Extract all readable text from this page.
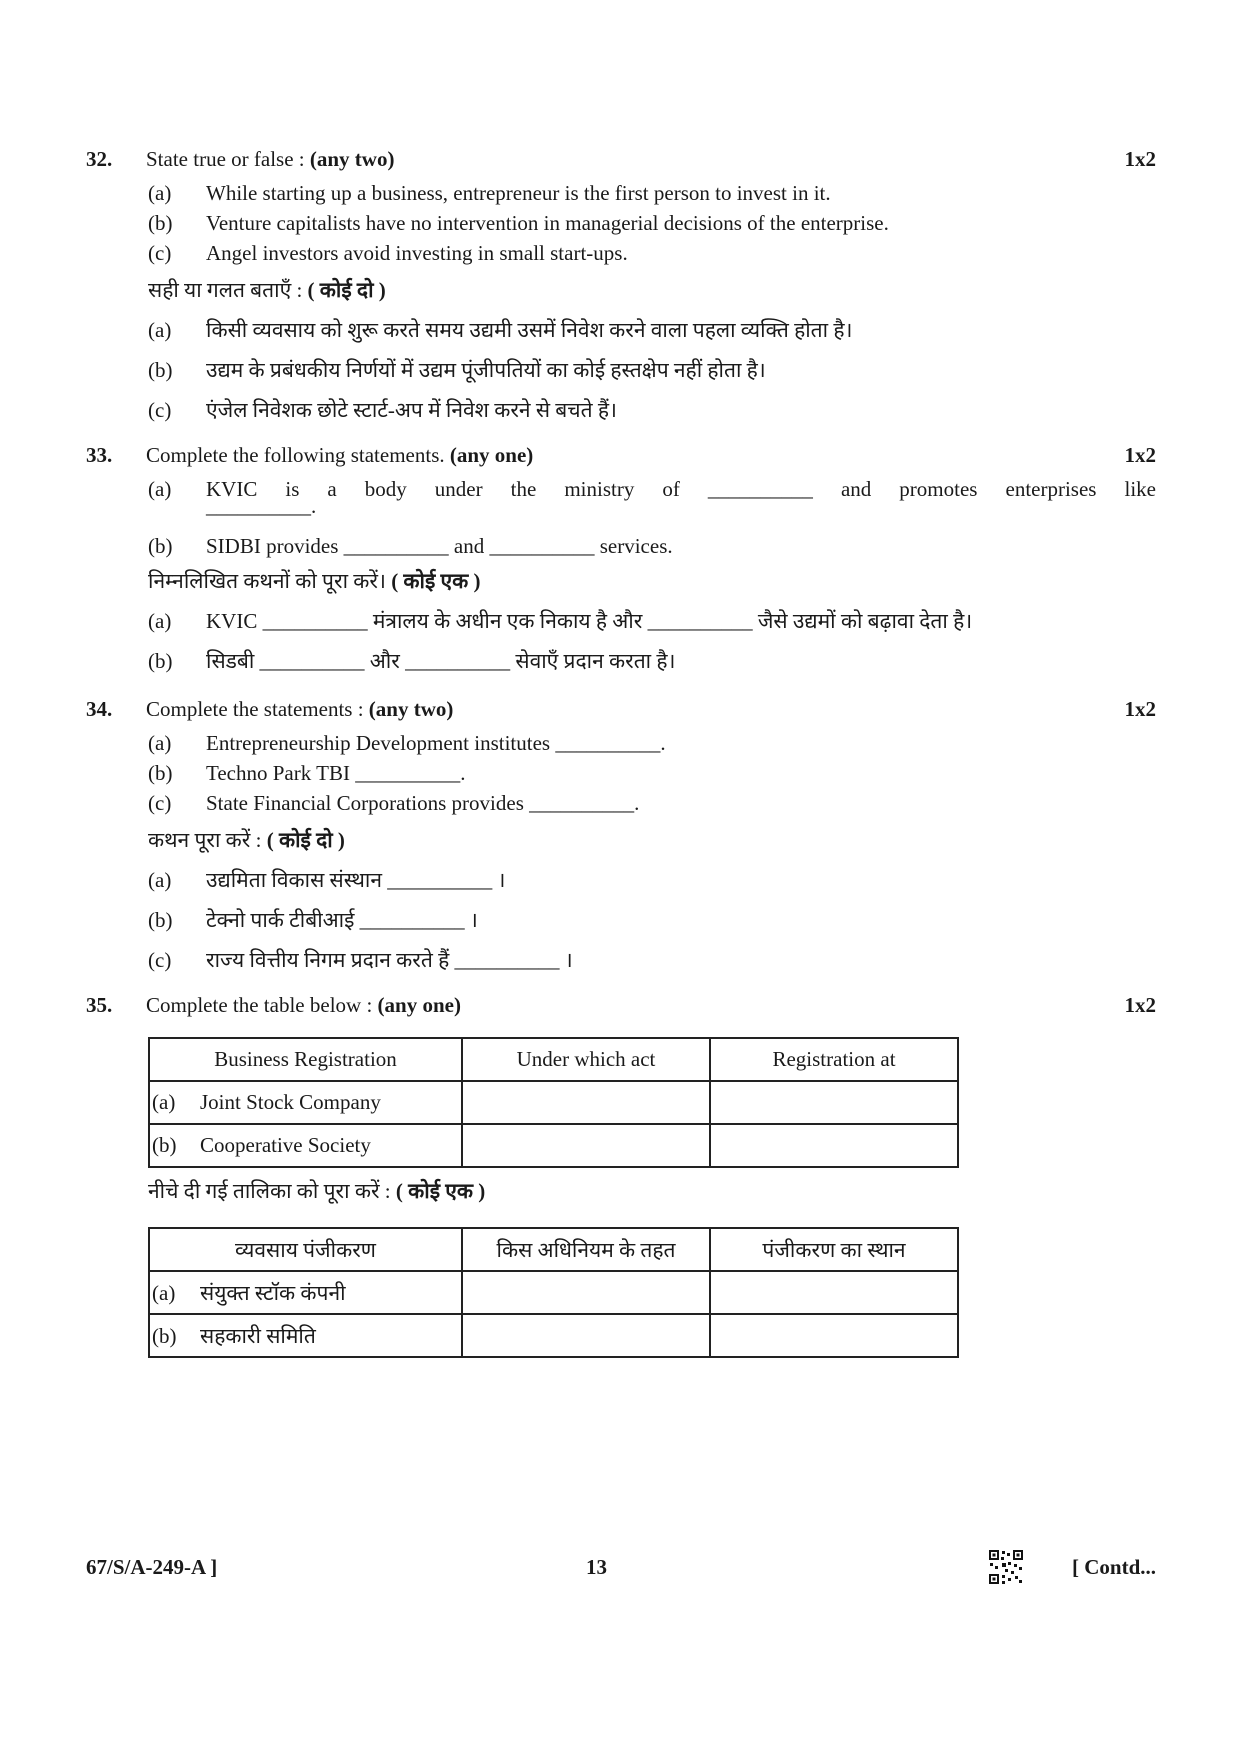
32. State true or false : (any two)	1x2
(a) While starting up a business, entrepreneur is the first person to invest in it.
(b) Venture capitalists have no intervention in managerial decisions of the enterprise.
(c) Angel investors avoid investing in small start-ups.
सही या गलत बताएँ : ( कोई दो )
(a) किसी व्यवसाय को शुरू करते समय उद्यमी उसमें निवेश करने वाला पहला व्यक्ति होता है।
(b) उद्यम के प्रबंधकीय निर्णयों में उद्यम पूंजीपतियों का कोई हस्तक्षेप नहीं होता है।
(c) एंजेल निवेशक छोटे स्टार्ट-अप में निवेश करने से बचते हैं।
33. Complete the following statements. (any one)	1x2
(a) KVIC is a body under the ministry of __________ and promotes enterprises like
__________.
(b) SIDBI provides __________ and __________ services.
निम्नलिखित कथनों को पूरा करें। ( कोई एक )
(a) KVIC __________ मंत्रालय के अधीन एक निकाय है और __________ जैसे उद्यमों को बढ़ावा देता है।
(b) सिडबी __________ और __________ सेवाएँ प्रदान करता है।
34. Complete the statements : (any two)	1x2
(a) Entrepreneurship Development institutes __________.
(b) Techno Park TBI __________.
(c) State Financial Corporations provides __________.
कथन पूरा करें : ( कोई दो )
(a) उद्यमिता विकास संस्थान __________ ।
(b) टेक्नो पार्क टीबीआई __________ ।
(c) राज्य वित्तीय निगम प्रदान करते हैं __________ ।
35. Complete the table below : (any one)	1x2
Business Registration	Under which act	Registration at
(a) Joint Stock Company		
(b) Cooperative Society		
नीचे दी गई तालिका को पूरा करें : ( कोई एक )
व्यवसाय पंजीकरण	किस अधिनियम के तहत	पंजीकरण का स्थान
(a) संयुक्त स्टॉक कंपनी		
(b) सहकारी समिति		
67/S/A-249-A ]	13	[ Contd...
